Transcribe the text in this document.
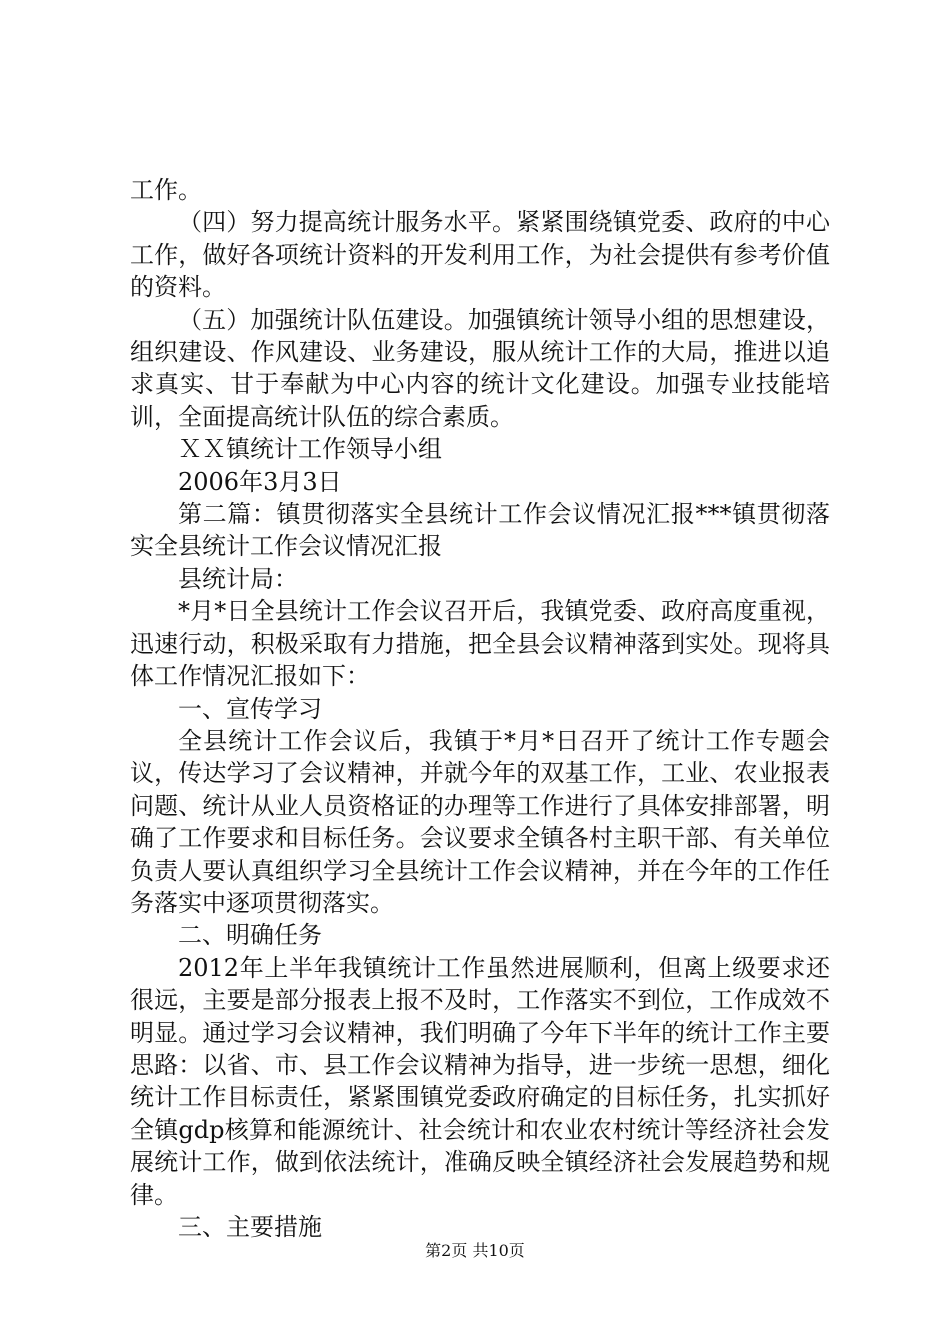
工作。

（四）努力提高统计服务水平。紧紧围绕镇党委、政府的中心工作，做好各项统计资料的开发利用工作，为社会提供有参考价值的资料。

（五）加强统计队伍建设。加强镇统计领导小组的思想建设，组织建设、作风建设、业务建设，服从统计工作的大局，推进以追求真实、甘于奉献为中心内容的统计文化建设。加强专业技能培训，全面提高统计队伍的综合素质。

ＸＸ镇统计工作领导小组

2006年3月3日

第二篇：镇贯彻落实全县统计工作会议情况汇报***镇贯彻落实全县统计工作会议情况汇报

县统计局：

*月*日全县统计工作会议召开后，我镇党委、政府高度重视，迅速行动，积极采取有力措施，把全县会议精神落到实处。现将具体工作情况汇报如下：

一、宣传学习

全县统计工作会议后，我镇于*月*日召开了统计工作专题会议，传达学习了会议精神，并就今年的双基工作，工业、农业报表问题、统计从业人员资格证的办理等工作进行了具体安排部署，明确了工作要求和目标任务。会议要求全镇各村主职干部、有关单位负责人要认真组织学习全县统计工作会议精神，并在今年的工作任务落实中逐项贯彻落实。

二、明确任务

2012年上半年我镇统计工作虽然进展顺利，但离上级要求还很远，主要是部分报表上报不及时，工作落实不到位，工作成效不明显。通过学习会议精神，我们明确了今年下半年的统计工作主要思路：以省、市、县工作会议精神为指导，进一步统一思想，细化统计工作目标责任，紧紧围镇党委政府确定的目标任务，扎实抓好全镇gdp核算和能源统计、社会统计和农业农村统计等经济社会发展统计工作，做到依法统计，准确反映全镇经济社会发展趋势和规律。

三、主要措施

第2页 共10页
